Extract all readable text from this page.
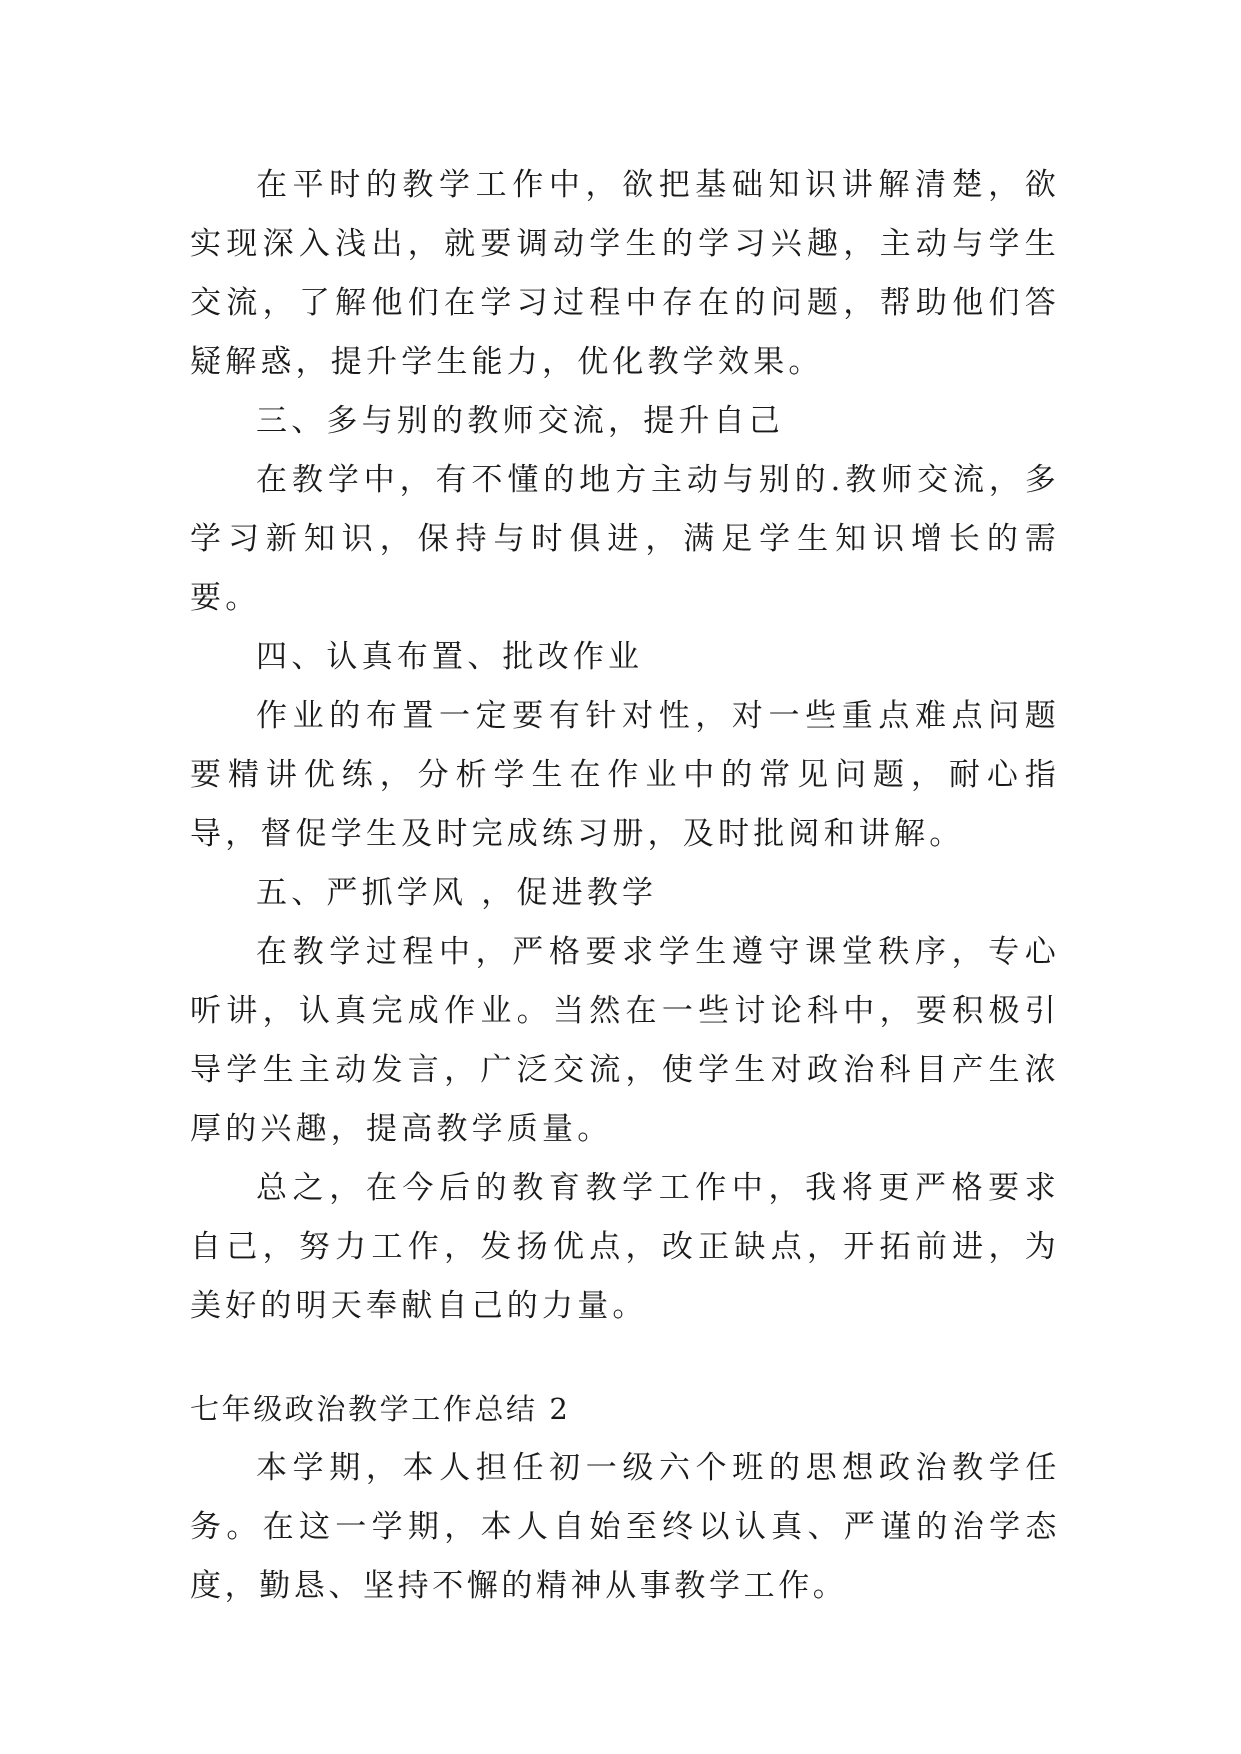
在平时的教学工作中，欲把基础知识讲解清楚，欲实现深入浅出，就要调动学生的学习兴趣，主动与学生交流，了解他们在学习过程中存在的问题，帮助他们答疑解惑，提升学生能力，优化教学效果。

三、多与别的教师交流，提升自己

在教学中，有不懂的地方主动与别的.教师交流，多学习新知识，保持与时俱进，满足学生知识增长的需要。

四、认真布置、批改作业

作业的布置一定要有针对性，对一些重点难点问题要精讲优练，分析学生在作业中的常见问题，耐心指导，督促学生及时完成练习册，及时批阅和讲解。

五、严抓学风 ，促进教学

在教学过程中，严格要求学生遵守课堂秩序，专心听讲，认真完成作业。当然在一些讨论科中，要积极引导学生主动发言，广泛交流，使学生对政治科目产生浓厚的兴趣，提高教学质量。

总之，在今后的教育教学工作中，我将更严格要求自己，努力工作，发扬优点，改正缺点，开拓前进，为美好的明天奉献自己的力量。

七年级政治教学工作总结 2

本学期，本人担任初一级六个班的思想政治教学任务。在这一学期，本人自始至终以认真、严谨的治学态度，勤恳、坚持不懈的精神从事教学工作。
